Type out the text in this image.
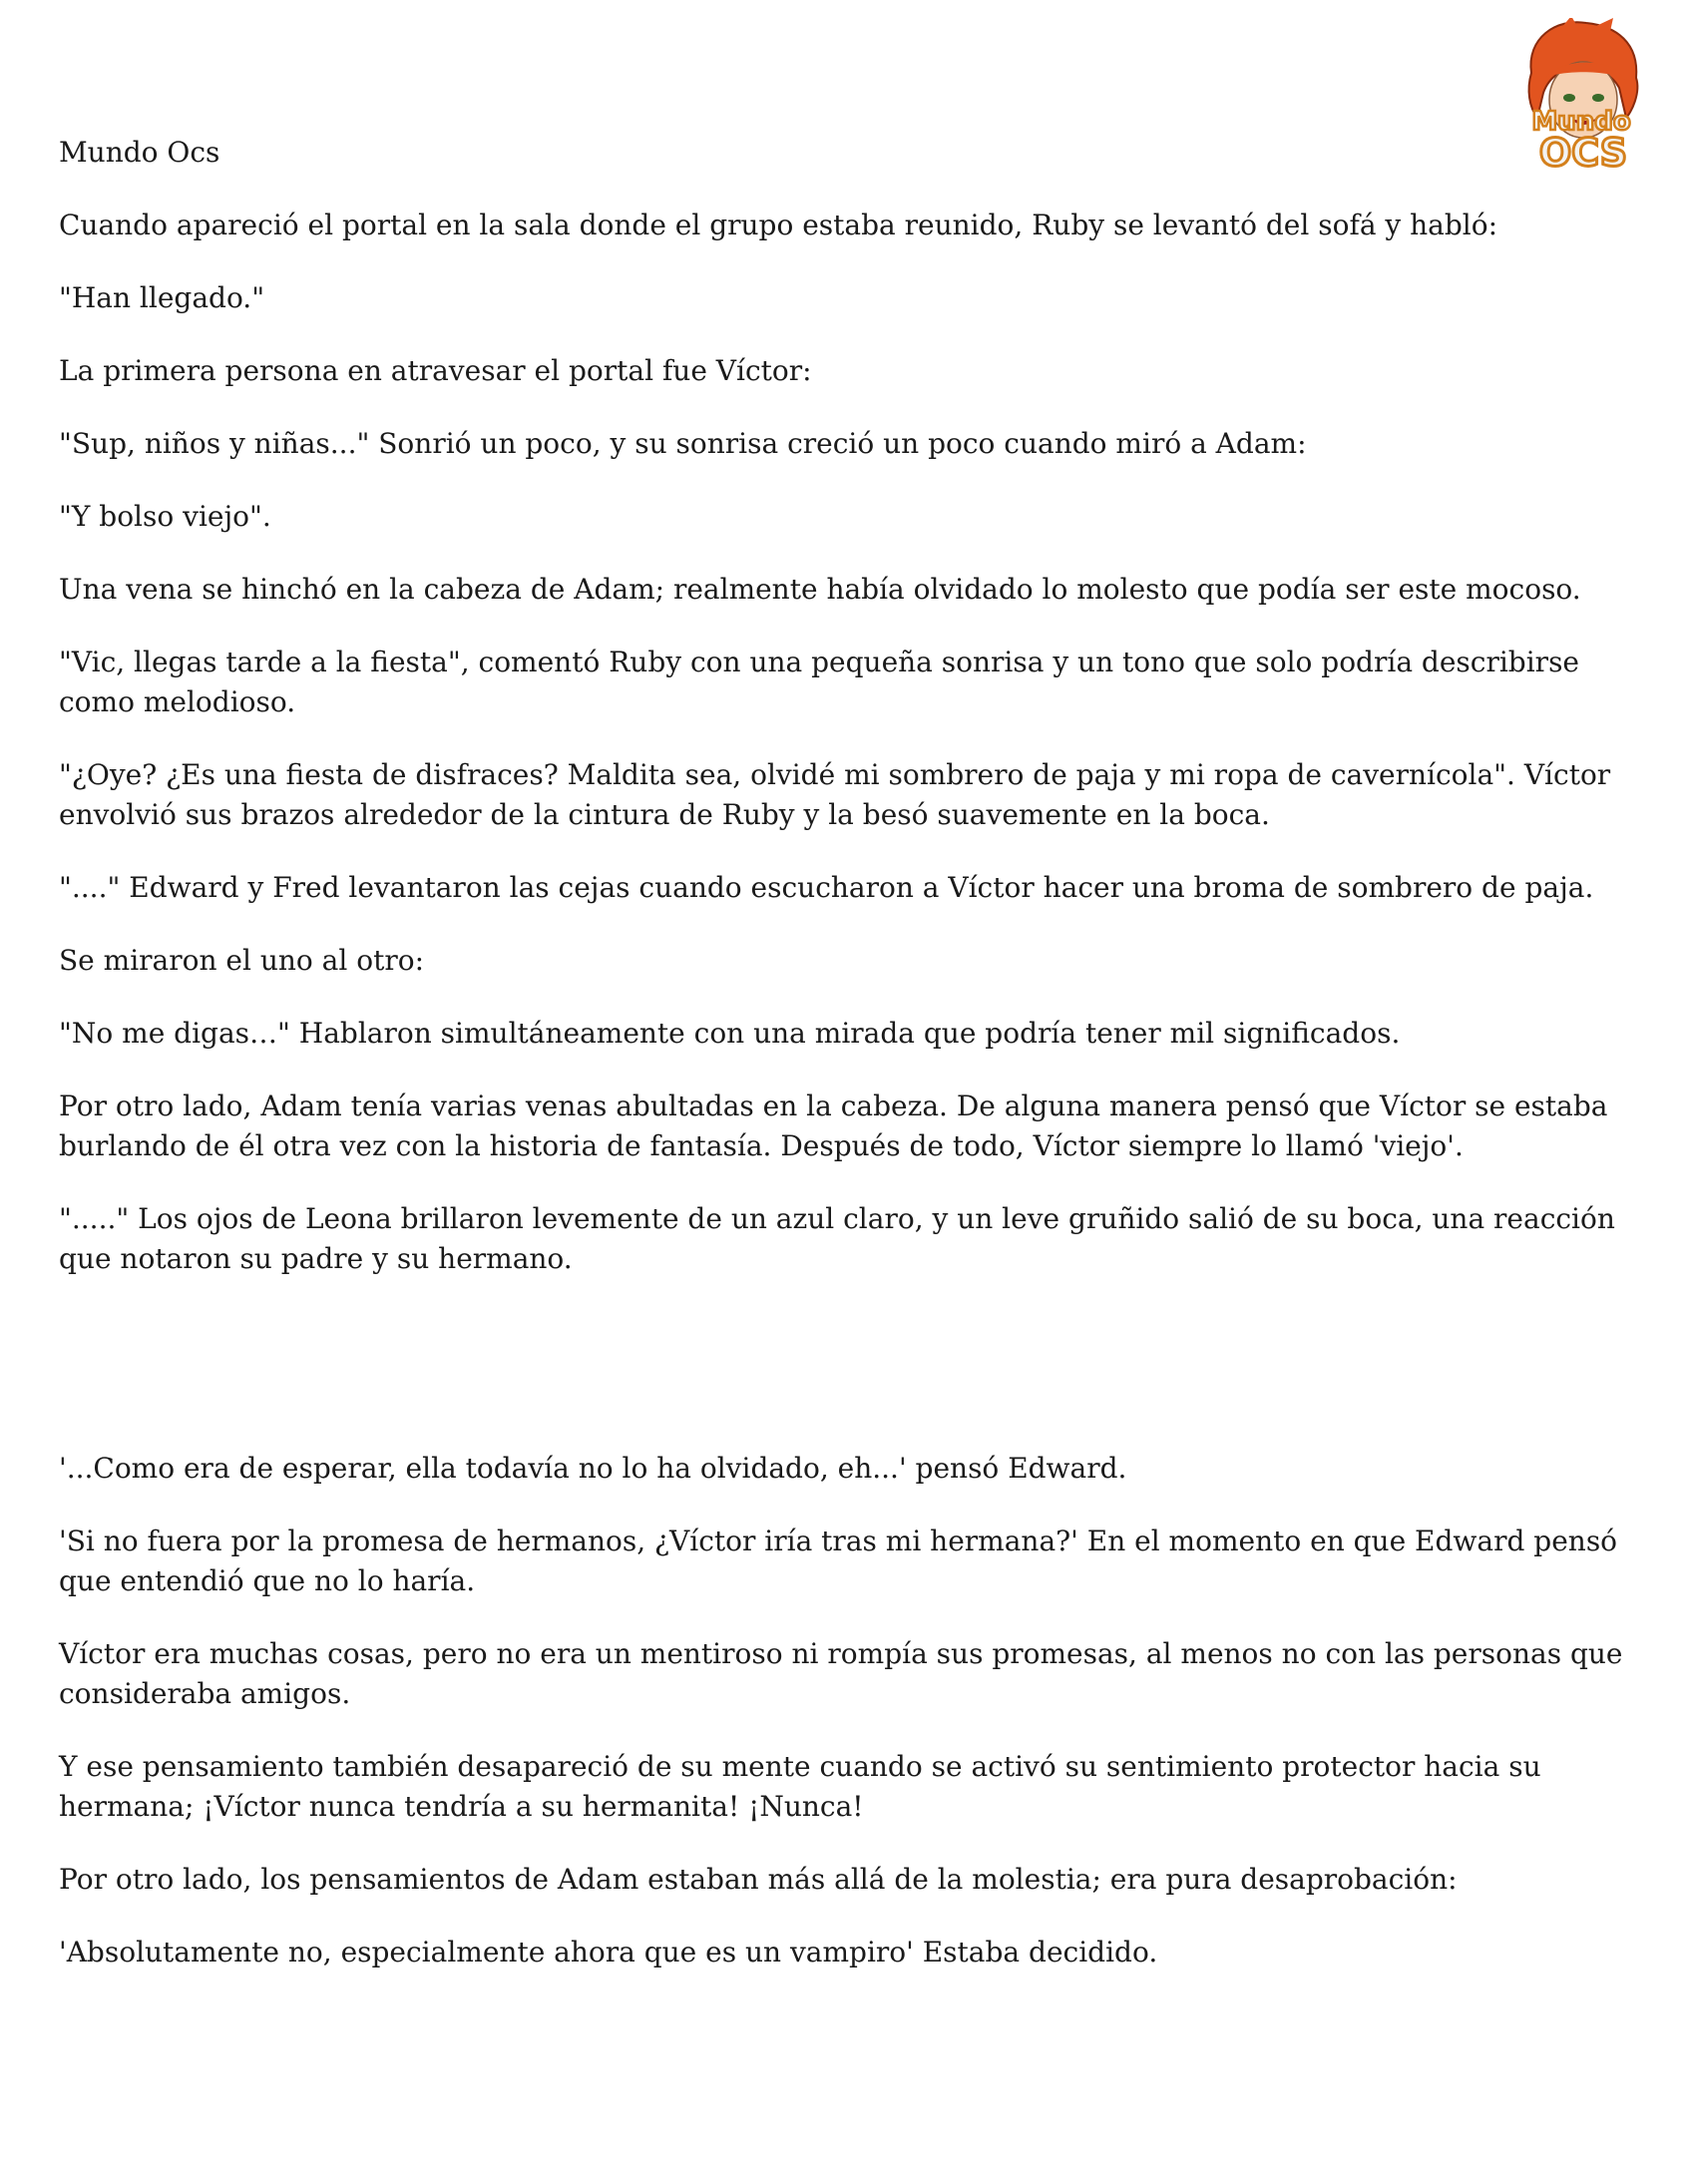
Mundo
OCS

Mundo Ocs

Cuando apareció el portal en la sala donde el grupo estaba reunido, Ruby se levantó del sofá y habló:

"Han llegado."

La primera persona en atravesar el portal fue Víctor:

"Sup, niños y niñas..." Sonrió un poco, y su sonrisa creció un poco cuando miró a Adam:

"Y bolso viejo".

Una vena se hinchó en la cabeza de Adam; realmente había olvidado lo molesto que podía ser este mocoso.

"Vic, llegas tarde a la fiesta", comentó Ruby con una pequeña sonrisa y un tono que solo podría describirse como melodioso.

"¿Oye? ¿Es una fiesta de disfraces? Maldita sea, olvidé mi sombrero de paja y mi ropa de cavernícola". Víctor envolvió sus brazos alrededor de la cintura de Ruby y la besó suavemente en la boca.

"...." Edward y Fred levantaron las cejas cuando escucharon a Víctor hacer una broma de sombrero de paja.

Se miraron el uno al otro:

"No me digas…" Hablaron simultáneamente con una mirada que podría tener mil significados.

Por otro lado, Adam tenía varias venas abultadas en la cabeza. De alguna manera pensó que Víctor se estaba burlando de él otra vez con la historia de fantasía. Después de todo, Víctor siempre lo llamó 'viejo'.

"....." Los ojos de Leona brillaron levemente de un azul claro, y un leve gruñido salió de su boca, una reacción que notaron su padre y su hermano.

'...Como era de esperar, ella todavía no lo ha olvidado, eh...' pensó Edward.

'Si no fuera por la promesa de hermanos, ¿Víctor iría tras mi hermana?' En el momento en que Edward pensó que entendió que no lo haría.

Víctor era muchas cosas, pero no era un mentiroso ni rompía sus promesas, al menos no con las personas que consideraba amigos.

Y ese pensamiento también desapareció de su mente cuando se activó su sentimiento protector hacia su hermana; ¡Víctor nunca tendría a su hermanita! ¡Nunca!

Por otro lado, los pensamientos de Adam estaban más allá de la molestia; era pura desaprobación:

'Absolutamente no, especialmente ahora que es un vampiro' Estaba decidido.
